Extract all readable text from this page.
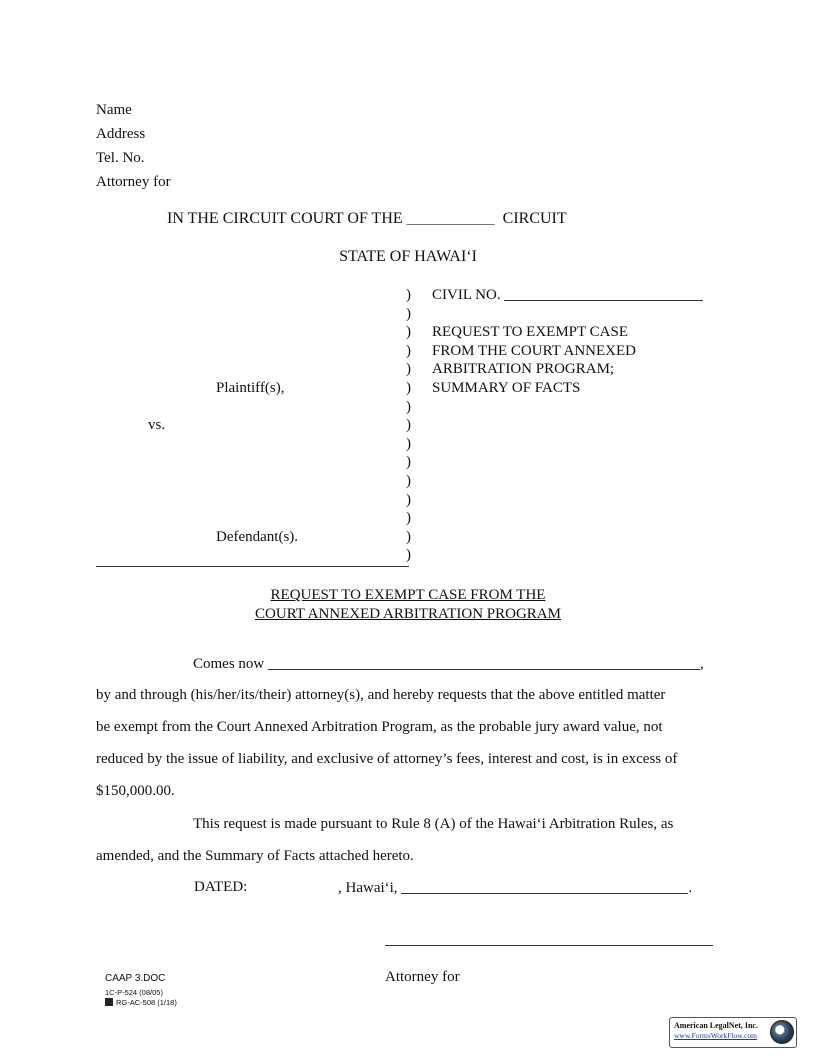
Name
Address
Tel. No.
Attorney for
IN THE CIRCUIT COURT OF THE ___________ CIRCUIT
STATE OF HAWAI‘I
)
)
)
)
)
)
)
)
)
)
)
)
)
)
)
Plaintiff(s),
vs.
Defendant(s).
CIVIL NO.
REQUEST TO EXEMPT CASE
FROM THE COURT ANNEXED
ARBITRATION PROGRAM;
SUMMARY OF FACTS
REQUEST TO EXEMPT CASE FROM THE
COURT ANNEXED ARBITRATION PROGRAM
Comes now	,
by and through (his/her/its/their) attorney(s), and hereby requests that the above entitled matter
be exempt from the Court Annexed Arbitration Program, as the probable jury award value, not
reduced by the issue of liability, and exclusive of attorney’s fees, interest and cost, is in excess of
$150,000.00.
This request is made pursuant to Rule 8 (A) of the Hawai‘i Arbitration Rules, as
amended, and the Summary of Facts attached hereto.
DATED:	, Hawai‘i,	.
Attorney for
CAAP 3.DOC
1C-P-524 (08/05)
RG-AC-508 (1/18)
American LegalNet, Inc.
www.FormsWorkFlow.com
